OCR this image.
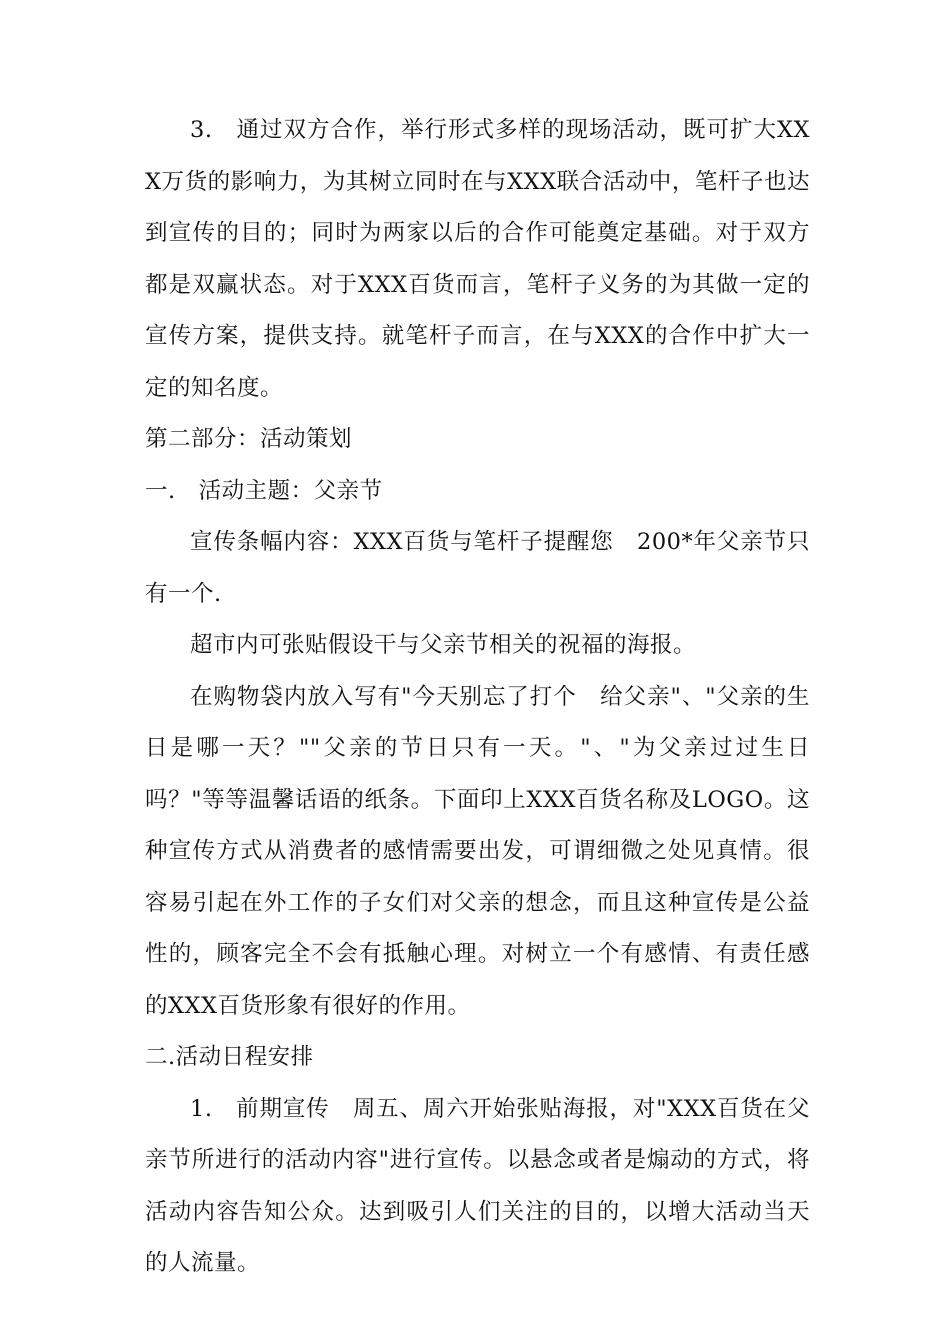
3.　通过双方合作，举行形式多样的现场活动，既可扩大XXX万货的影响力，为其树立同时在与XXX联合活动中，笔杆子也达到宣传的目的；同时为两家以后的合作可能奠定基础。对于双方都是双赢状态。对于XXX百货而言，笔杆子义务的为其做一定的宣传方案，提供支持。就笔杆子而言，在与XXX的合作中扩大一定的知名度。

第二部分：活动策划

一.　活动主题：父亲节

宣传条幅内容：XXX百货与笔杆子提醒您　200*年父亲节只有一个.

超市内可张贴假设干与父亲节相关的祝福的海报。

在购物袋内放入写有"今天别忘了打个　给父亲"、"父亲的生日是哪一天？""父亲的节日只有一天。"、"为父亲过过生日吗？"等等温馨话语的纸条。下面印上XXX百货名称及LOGO。这种宣传方式从消费者的感情需要出发，可谓细微之处见真情。很容易引起在外工作的子女们对父亲的想念，而且这种宣传是公益性的，顾客完全不会有抵触心理。对树立一个有感情、有责任感的XXX百货形象有很好的作用。

二.活动日程安排

1.　前期宣传　周五、周六开始张贴海报，对"XXX百货在父亲节所进行的活动内容"进行宣传。以悬念或者是煽动的方式，将活动内容告知公众。达到吸引人们关注的目的，以增大活动当天的人流量。
